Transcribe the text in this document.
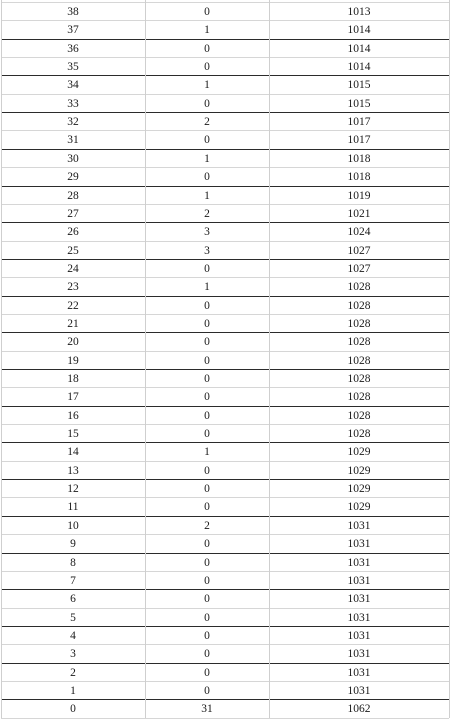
38	0	1013
37	1	1014
36	0	1014
35	0	1014
34	1	1015
33	0	1015
32	2	1017
31	0	1017
30	1	1018
29	0	1018
28	1	1019
27	2	1021
26	3	1024
25	3	1027
24	0	1027
23	1	1028
22	0	1028
21	0	1028
20	0	1028
19	0	1028
18	0	1028
17	0	1028
16	0	1028
15	0	1028
14	1	1029
13	0	1029
12	0	1029
11	0	1029
10	2	1031
9	0	1031
8	0	1031
7	0	1031
6	0	1031
5	0	1031
4	0	1031
3	0	1031
2	0	1031
1	0	1031
0	31	1062
